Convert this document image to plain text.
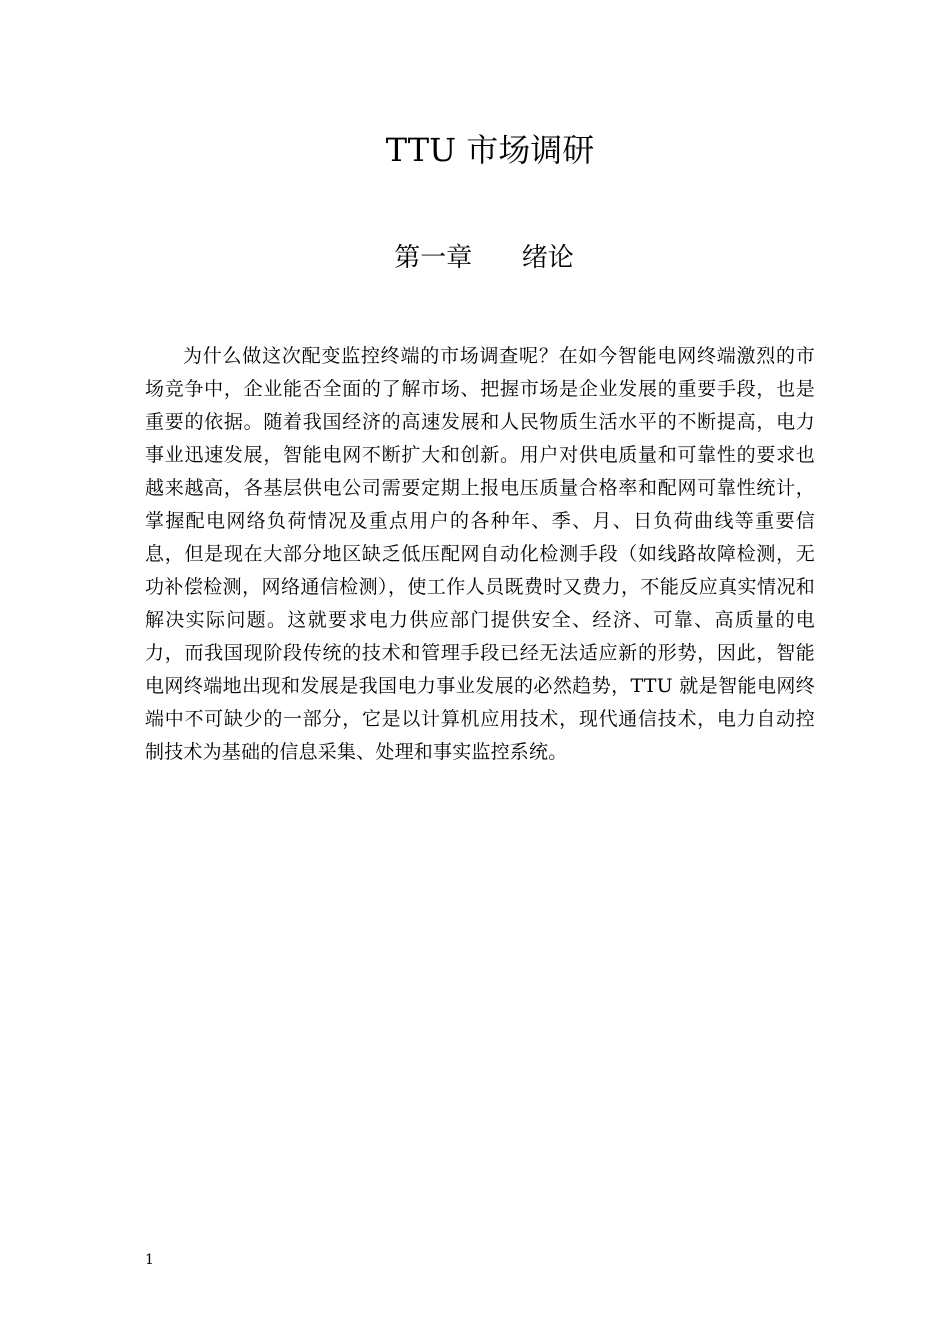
TTU 市场调研
第一章      绪论

为什么做这次配变监控终端的市场调查呢？在如今智能电网终端激烈的市场竞争中，企业能否全面的了解市场、把握市场是企业发展的重要手段，也是重要的依据。随着我国经济的高速发展和人民物质生活水平的不断提高，电力事业迅速发展，智能电网不断扩大和创新。用户对供电质量和可靠性的要求也越来越高，各基层供电公司需要定期上报电压质量合格率和配网可靠性统计，掌握配电网络负荷情况及重点用户的各种年、季、月、日负荷曲线等重要信息，但是现在大部分地区缺乏低压配网自动化检测手段（如线路故障检测，无功补偿检测，网络通信检测），使工作人员既费时又费力，不能反应真实情况和解决实际问题。这就要求电力供应部门提供安全、经济、可靠、高质量的电力，而我国现阶段传统的技术和管理手段已经无法适应新的形势，因此，智能电网终端地出现和发展是我国电力事业发展的必然趋势，TTU 就是智能电网终端中不可缺少的一部分，它是以计算机应用技术，现代通信技术，电力自动控制技术为基础的信息采集、处理和事实监控系统。

1
